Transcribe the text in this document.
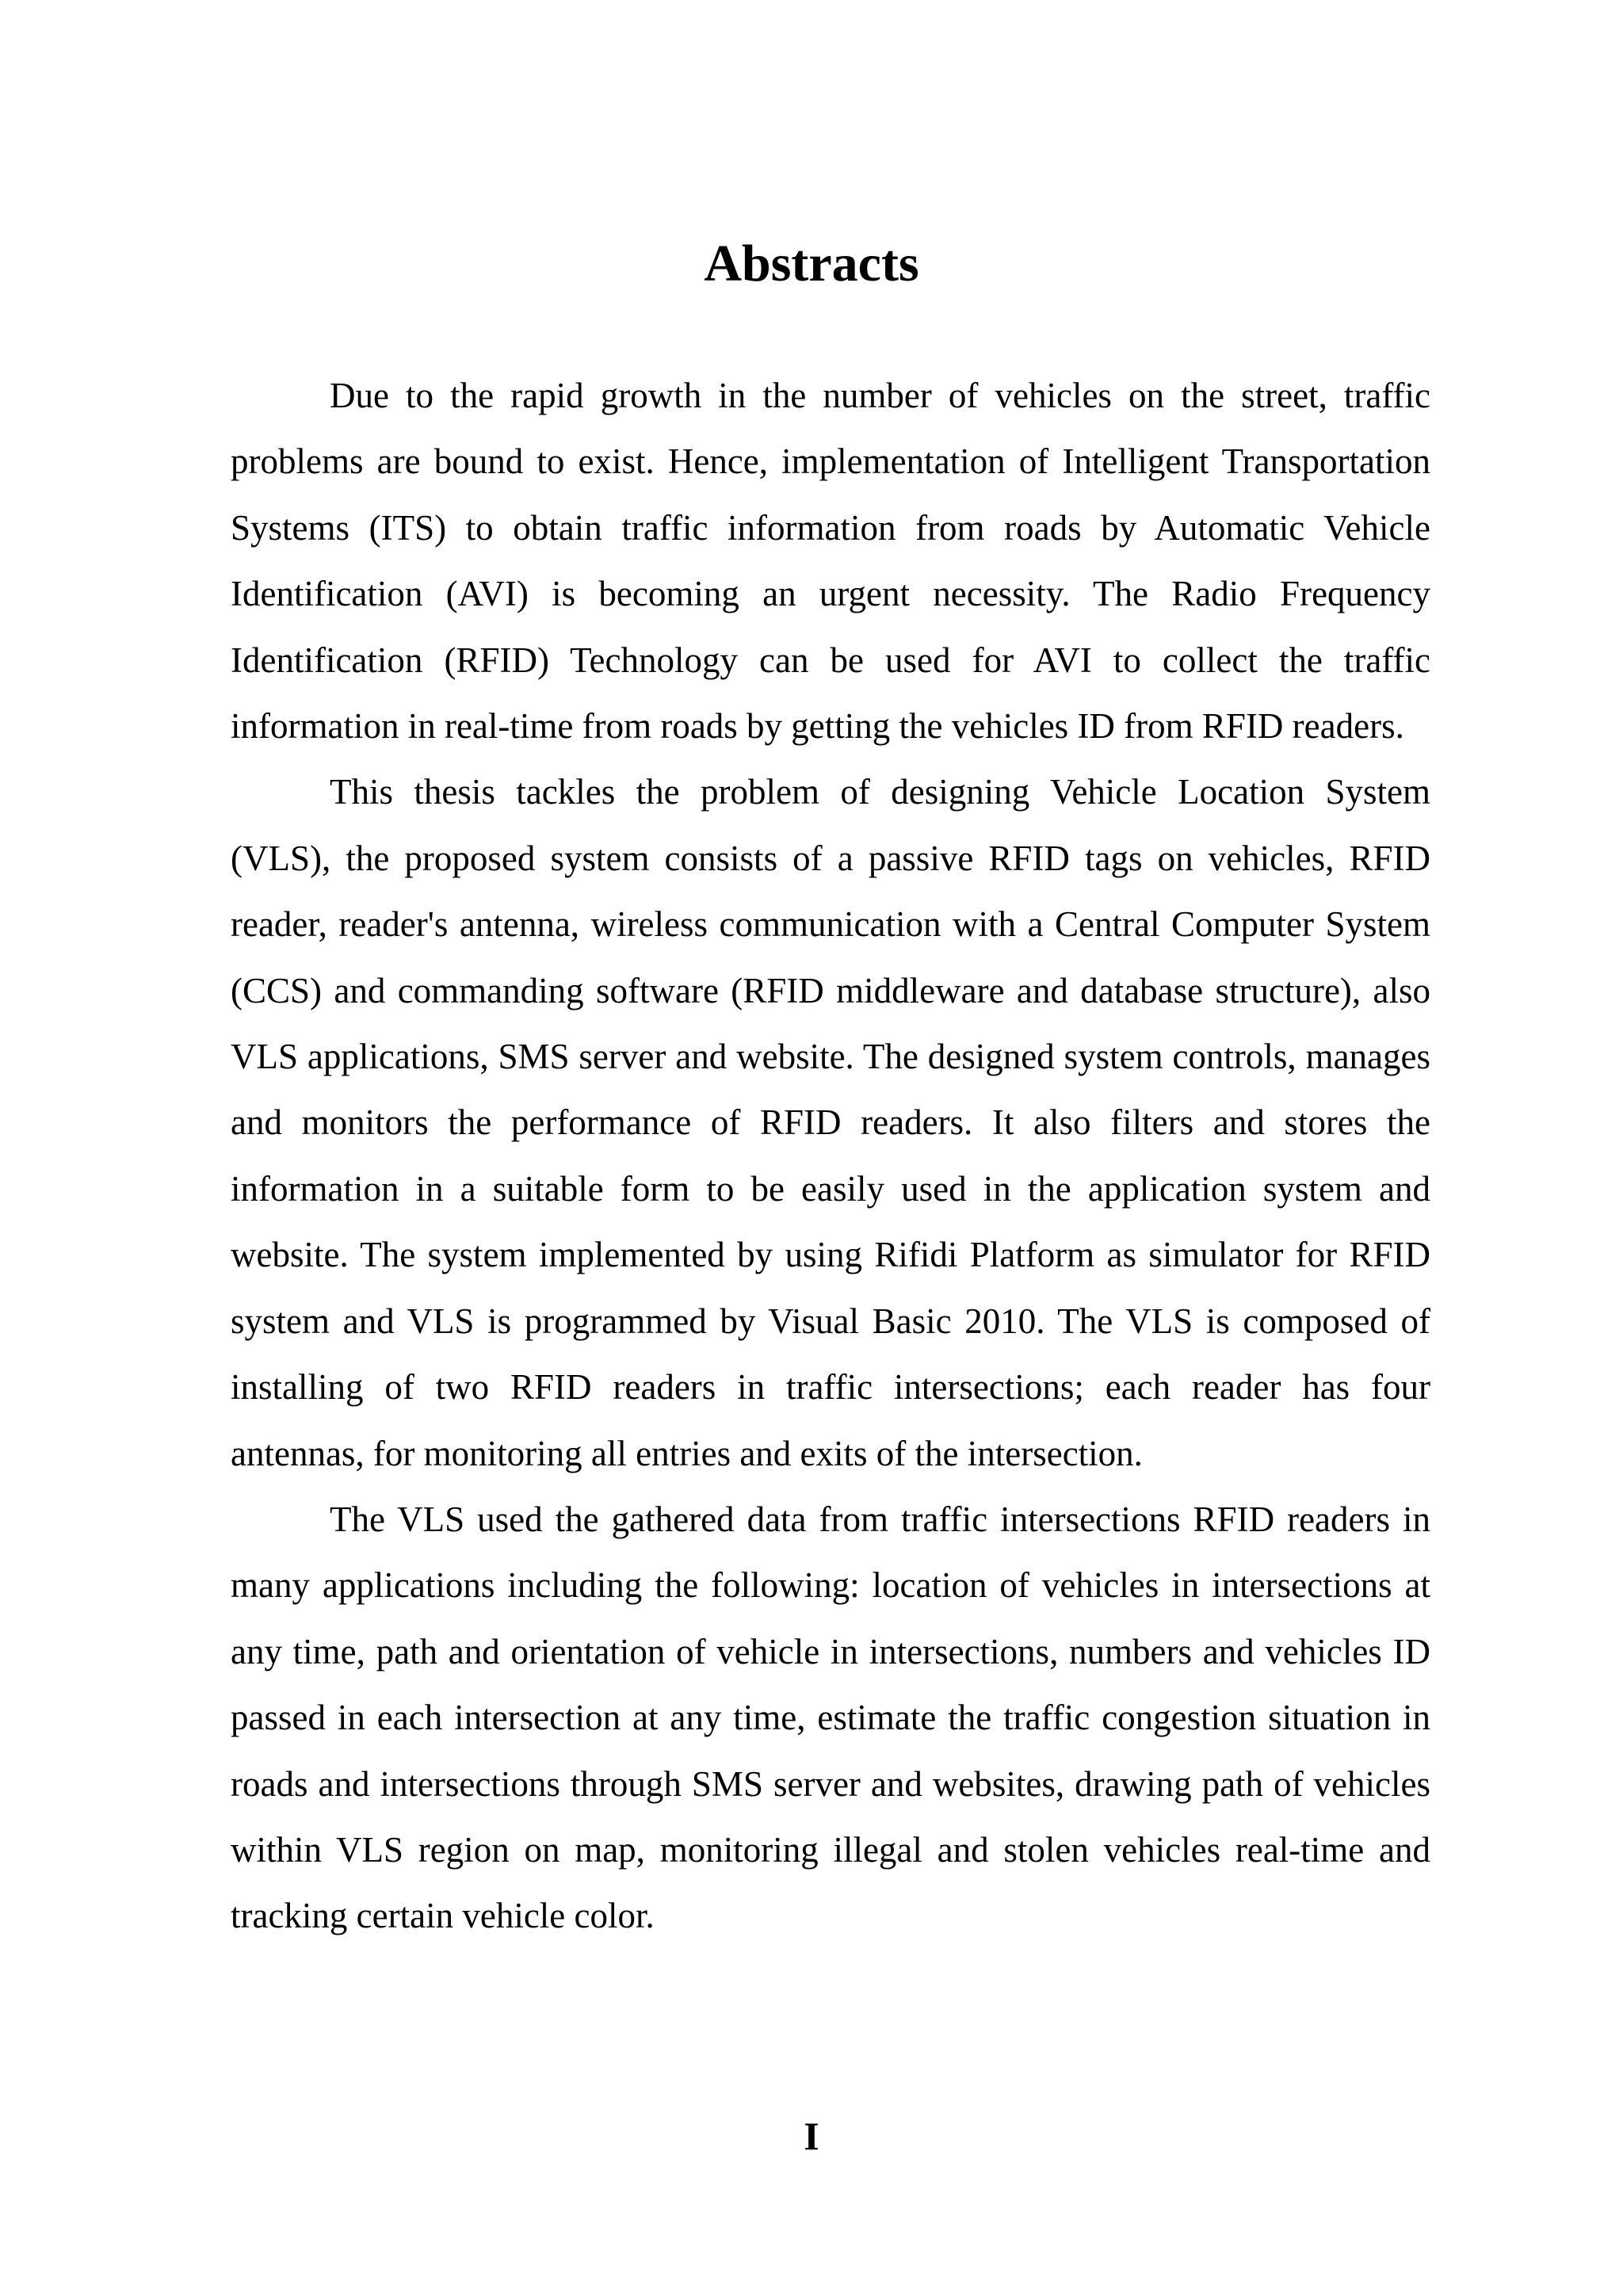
Abstracts

Due to the rapid growth in the number of vehicles on the street, traffic problems are bound to exist. Hence, implementation of Intelligent Transportation Systems (ITS) to obtain traffic information from roads by Automatic Vehicle Identification (AVI) is becoming an urgent necessity. The Radio Frequency Identification (RFID) Technology can be used for AVI to collect the traffic information in real-time from roads by getting the vehicles ID from RFID readers.

This thesis tackles the problem of designing Vehicle Location System (VLS), the proposed system consists of a passive RFID tags on vehicles, RFID reader, reader's antenna, wireless communication with a Central Computer System (CCS) and commanding software (RFID middleware and database structure), also VLS applications, SMS server and website. The designed system controls, manages and monitors the performance of RFID readers. It also filters and stores the information in a suitable form to be easily used in the application system and website. The system implemented by using Rifidi Platform as simulator for RFID system and VLS is programmed by Visual Basic 2010. The VLS is composed of installing of two RFID readers in traffic intersections; each reader has four antennas, for monitoring all entries and exits of the intersection.

The VLS used the gathered data from traffic intersections RFID readers in many applications including the following: location of vehicles in intersections at any time, path and orientation of vehicle in intersections, numbers and vehicles ID passed in each intersection at any time, estimate the traffic congestion situation in roads and intersections through SMS server and websites, drawing path of vehicles within VLS region on map, monitoring illegal and stolen vehicles real-time and tracking certain vehicle color.

I
